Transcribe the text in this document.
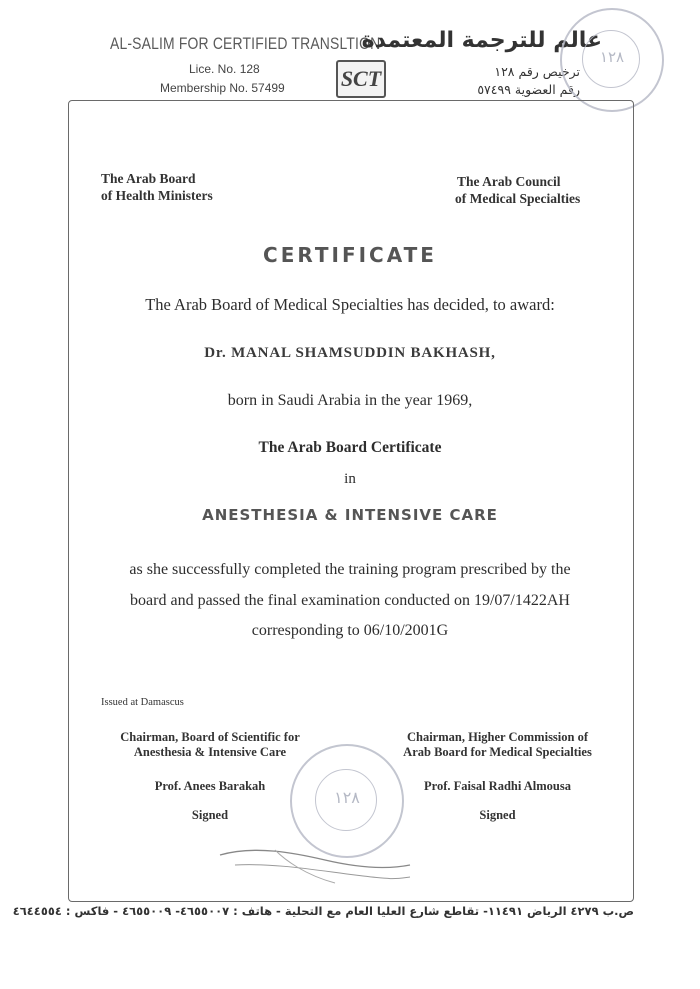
AL-SALIM FOR CERTIFIED TRANSLTION
Lice. No. 128
Membership No. 57499	SCT
عالم للترجمة المعتمدة
ترخيص رقم ١٢٨
رقم العضوية ٥٧٤٩٩
١٢٨
The Arab Board
of Health Ministers
The Arab Council
of Medical Specialties
CERTIFICATE
The Arab Board of Medical Specialties has decided, to award:
Dr. MANAL SHAMSUDDIN BAKHASH,
born in Saudi Arabia in the year 1969,
The Arab Board Certificate
in
ANESTHESIA & INTENSIVE CARE
as she successfully completed the training program prescribed by the
board and passed the final examination conducted on 19/07/1422AH
corresponding to 06/10/2001G
Issued at Damascus
Chairman, Board of Scientific for
Anesthesia & Intensive Care
Prof. Anees Barakah
Signed
Chairman, Higher Commission of
Arab Board for Medical Specialties
Prof. Faisal Radhi Almousa
Signed
١٢٨
ص.ب ٤٢٧٩ الرياض ١١٤٩١- تقاطع شارع العليا العام مع التحلية - هاتف : ٤٦٥٥٠٠٧- ٤٦٥٥٠٠٩ - فاكس : ٤٦٤٤٥٥٤
